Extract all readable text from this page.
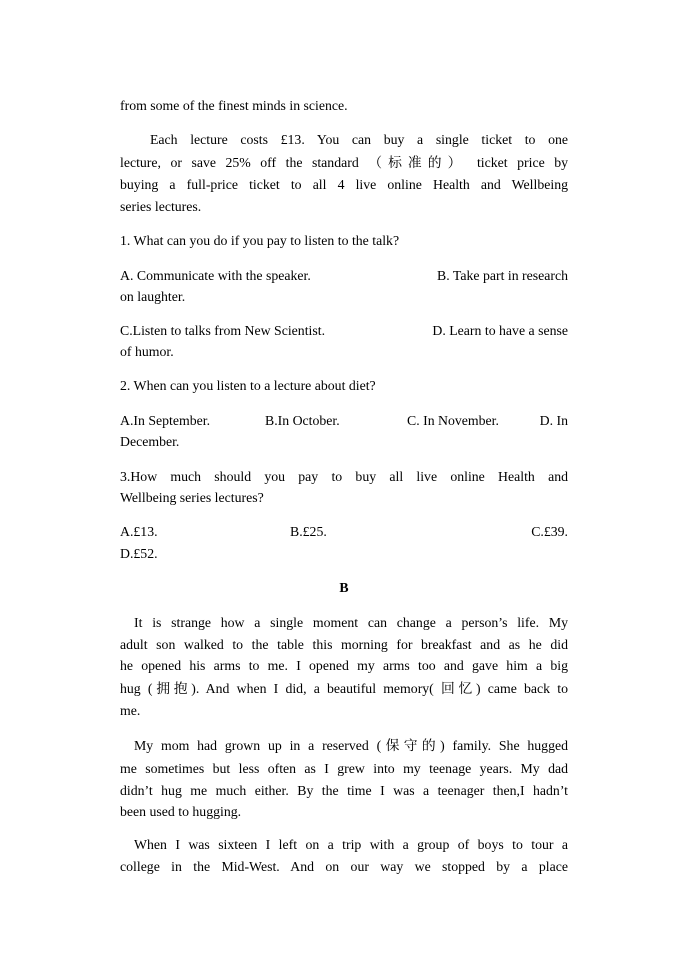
from some of the finest minds in science.
Each lecture costs £13. You can buy a single ticket to one
lecture, or save 25% off the standard （标准的） ticket price by
buying a full-price ticket to all 4 live online Health and Wellbeing
series lectures.
1. What can you do if you pay to listen to the talk?
A. Communicate with the speaker.	B. Take part in research
on laughter.
C.Listen to talks from New Scientist.	D. Learn to have a sense
of humor.
2. When can you listen to a lecture about diet?
A.In September.	B.In October.	C. In November.	D. In
December.
3.How much should you pay to buy all live online Health and
Wellbeing series lectures?
A.£13.	B.£25.	C.£39.
D.£52.
B
It is strange how a single moment can change a person’s life. My
adult son walked to the table this morning for breakfast and as he did
he opened his arms to me. I opened my arms too and gave him a big
hug (拥抱). And when I did, a beautiful memory( 回忆) came back to
me.
My mom had grown up in a reserved (保守的) family. She hugged
me sometimes but less often as I grew into my teenage years. My dad
didn’t hug me much either. By the time I was a teenager then,I hadn’t
been used to hugging.
When I was sixteen I left on a trip with a group of boys to tour a
college in the Mid-West. And on our way we stopped by a place
